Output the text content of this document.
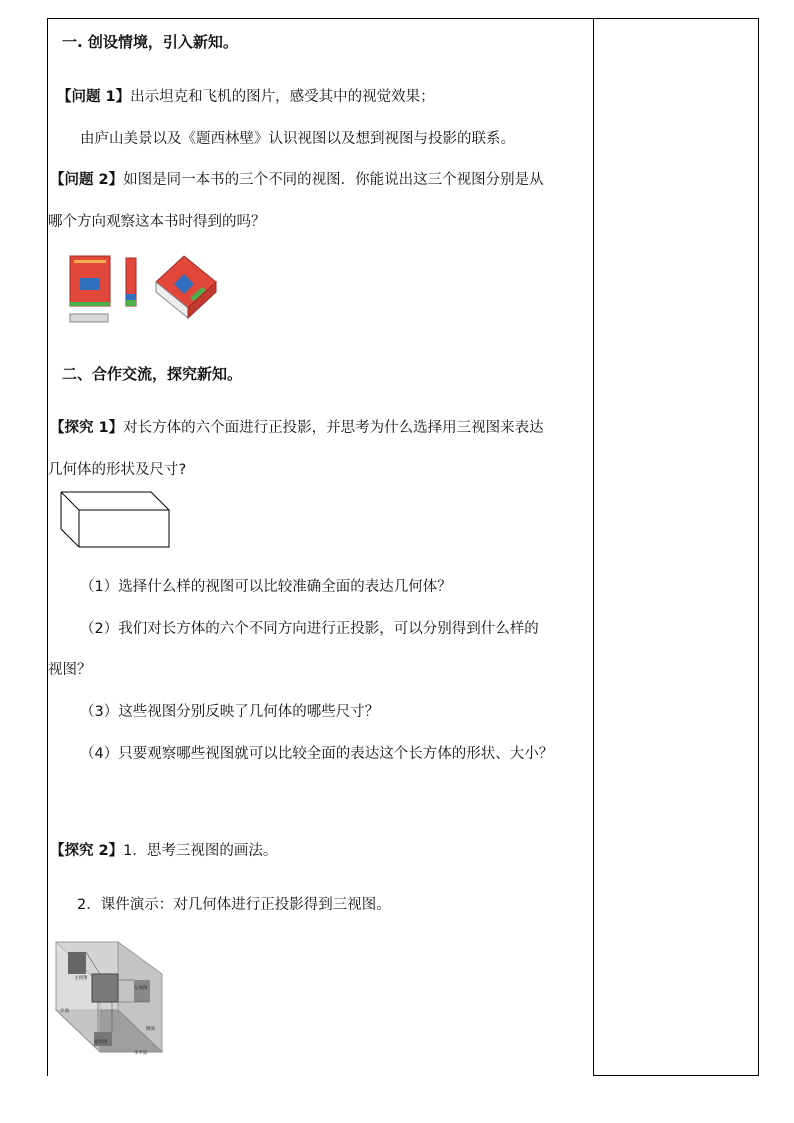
一. 创设情境，引入新知。
【问题 1】出示坦克和飞机的图片，感受其中的视觉效果；
由庐山美景以及《题西林壁》认识视图以及想到视图与投影的联系。
【问题 2】如图是同一本书的三个不同的视图．你能说出这三个视图分别是从
哪个方向观察这本书时得到的吗？
二、合作交流，探究新知。
【探究 1】对长方体的六个面进行正投影，并思考为什么选择用三视图来表达
几何体的形状及尺寸?
（1）选择什么样的视图可以比较准确全面的表达几何体？
（2）我们对长方体的六个不同方向进行正投影，可以分别得到什么样的
视图？
（3）这些视图分别反映了几何体的哪些尺寸？
（4）只要观察哪些视图就可以比较全面的表达这个长方体的形状、大小？
【探究 2】1．思考三视图的画法。
2．课件演示：对几何体进行正投影得到三视图。
主视图
左视图
俯视图
正面
侧面
水平面
